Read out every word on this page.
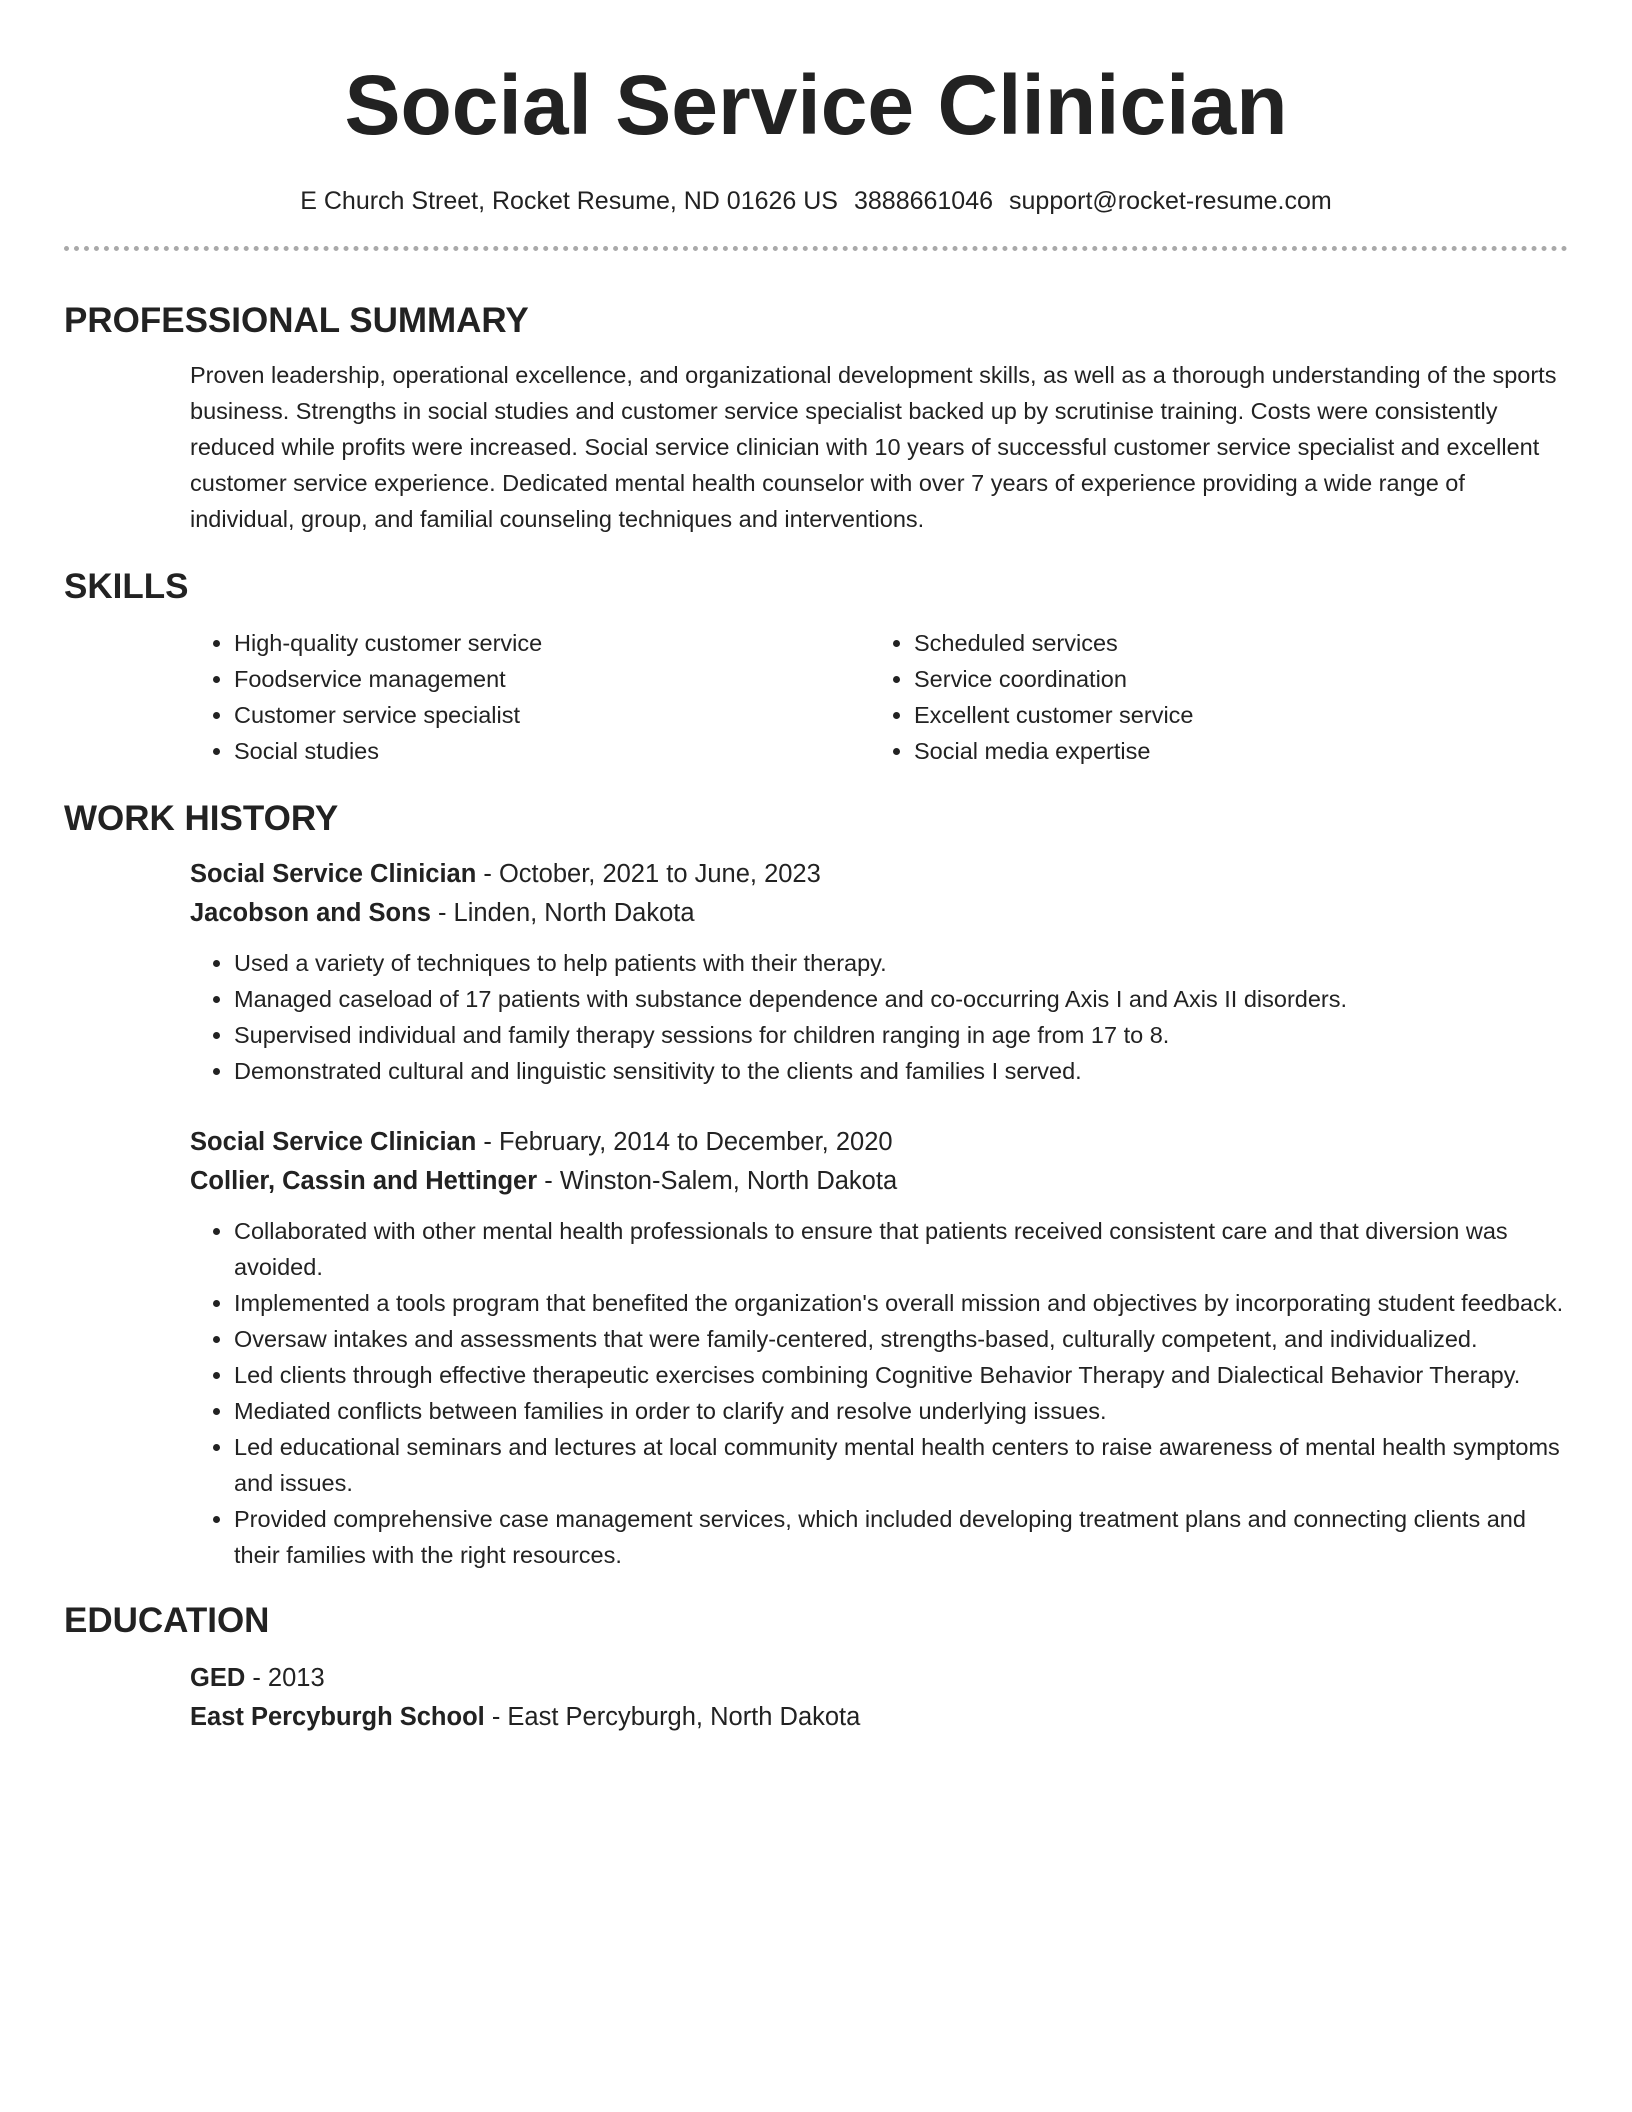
Social Service Clinician
E Church Street, Rocket Resume, ND 01626 US 3888661046 support@rocket-resume.com
PROFESSIONAL SUMMARY
Proven leadership, operational excellence, and organizational development skills, as well as a thorough understanding of the sports business. Strengths in social studies and customer service specialist backed up by scrutinise training. Costs were consistently reduced while profits were increased. Social service clinician with 10 years of successful customer service specialist and excellent customer service experience. Dedicated mental health counselor with over 7 years of experience providing a wide range of individual, group, and familial counseling techniques and interventions.
SKILLS
• High-quality customer service
• Foodservice management
• Customer service specialist
• Social studies
• Scheduled services
• Service coordination
• Excellent customer service
• Social media expertise
WORK HISTORY
Social Service Clinician - October, 2021 to June, 2023
Jacobson and Sons - Linden, North Dakota
• Used a variety of techniques to help patients with their therapy.
• Managed caseload of 17 patients with substance dependence and co-occurring Axis I and Axis II disorders.
• Supervised individual and family therapy sessions for children ranging in age from 17 to 8.
• Demonstrated cultural and linguistic sensitivity to the clients and families I served.
Social Service Clinician - February, 2014 to December, 2020
Collier, Cassin and Hettinger - Winston-Salem, North Dakota
• Collaborated with other mental health professionals to ensure that patients received consistent care and that diversion was avoided.
• Implemented a tools program that benefited the organization's overall mission and objectives by incorporating student feedback.
• Oversaw intakes and assessments that were family-centered, strengths-based, culturally competent, and individualized.
• Led clients through effective therapeutic exercises combining Cognitive Behavior Therapy and Dialectical Behavior Therapy.
• Mediated conflicts between families in order to clarify and resolve underlying issues.
• Led educational seminars and lectures at local community mental health centers to raise awareness of mental health symptoms and issues.
• Provided comprehensive case management services, which included developing treatment plans and connecting clients and their families with the right resources.
EDUCATION
GED - 2013
East Percyburgh School - East Percyburgh, North Dakota
